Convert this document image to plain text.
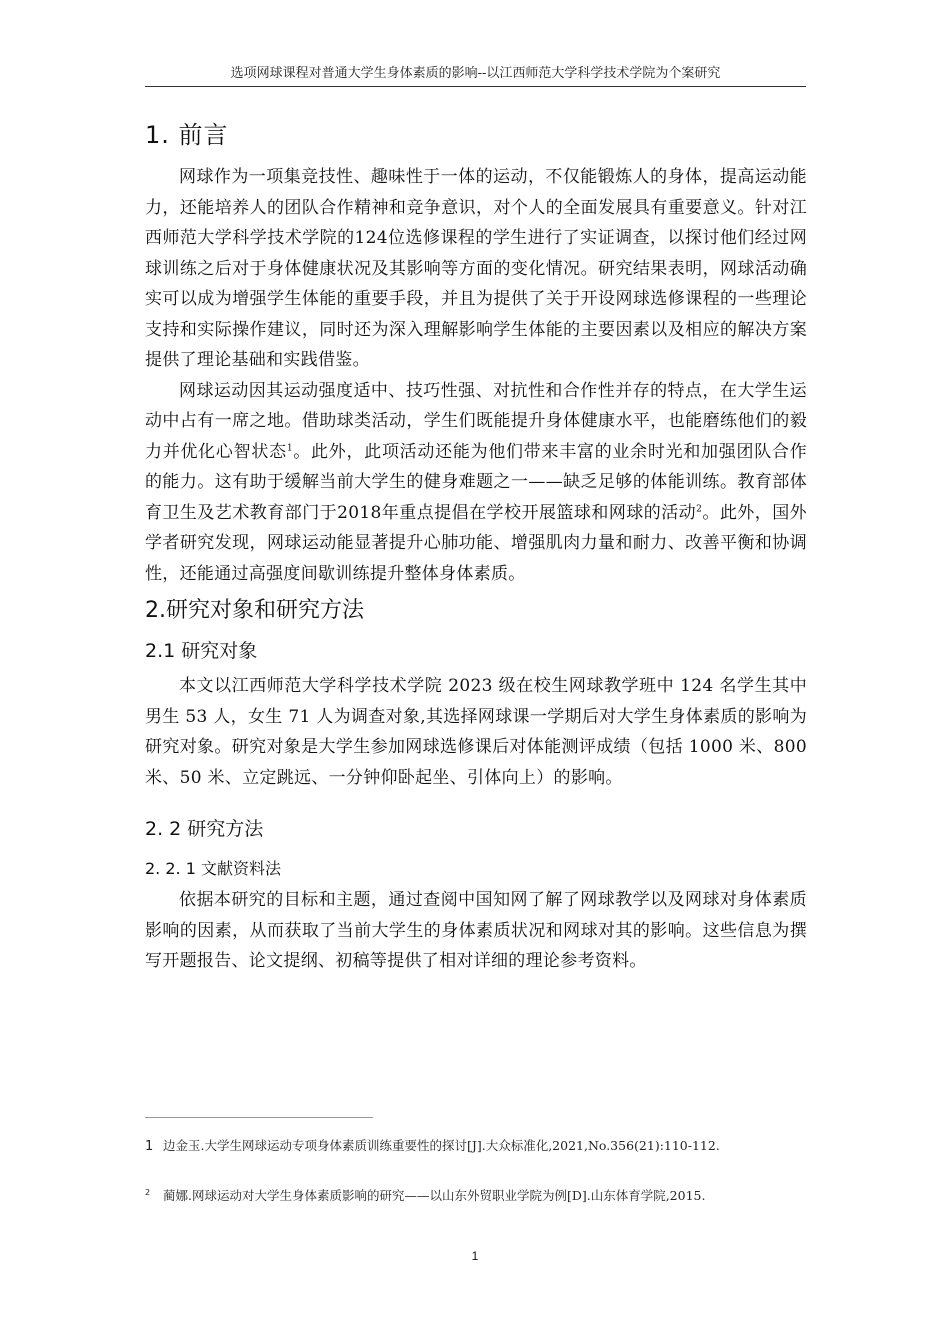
选项网球课程对普通大学生身体素质的影响--以江西师范大学科学技术学院为个案研究
1. 前言

网球作为一项集竞技性、趣味性于一体的运动，不仅能锻炼人的身体，提高运动能力，还能培养人的团队合作精神和竞争意识，对个人的全面发展具有重要意义。针对江西师范大学科学技术学院的124位选修课程的学生进行了实证调查，以探讨他们经过网球训练之后对于身体健康状况及其影响等方面的变化情况。研究结果表明，网球活动确实可以成为增强学生体能的重要手段，并且为提供了关于开设网球选修课程的一些理论支持和实际操作建议，同时还为深入理解影响学生体能的主要因素以及相应的解决方案提供了理论基础和实践借鉴。

网球运动因其运动强度适中、技巧性强、对抗性和合作性并存的特点，在大学生运动中占有一席之地。借助球类活动，学生们既能提升身体健康水平，也能磨练他们的毅力并优化心智状态$^1$。此外，此项活动还能为他们带来丰富的业余时光和加强团队合作的能力。这有助于缓解当前大学生的健身难题之一——缺乏足够的体能训练。教育部体育卫生及艺术教育部门于2018年重点提倡在学校开展篮球和网球的活动$^2$。此外，国外学者研究发现，网球运动能显著提升心肺功能、增强肌肉力量和耐力、改善平衡和协调性，还能通过高强度间歇训练提升整体身体素质。

2.研究对象和研究方法
2.1 研究对象

本文以江西师范大学科学技术学院 2023 级在校生网球教学班中 124 名学生其中男生 53 人，女生 71 人为调查对象,其选择网球课一学期后对大学生身体素质的影响为研究对象。研究对象是大学生参加网球选修课后对体能测评成绩（包括 1000 米、800 米、50 米、立定跳远、一分钟仰卧起坐、引体向上）的影响。

2. 2 研究方法
2. 2. 1 文献资料法

依据本研究的目标和主题，通过查阅中国知网了解了网球教学以及网球对身体素质影响的因素，从而获取了当前大学生的身体素质状况和网球对其的影响。这些信息为撰写开题报告、论文提纲、初稿等提供了相对详细的理论参考资料。

1 边金玉.大学生网球运动专项身体素质训练重要性的探讨[J].大众标准化,2021,No.356(21):110-112.
2 蔺娜.网球运动对大学生身体素质影响的研究——以山东外贸职业学院为例[D].山东体育学院,2015.
1
